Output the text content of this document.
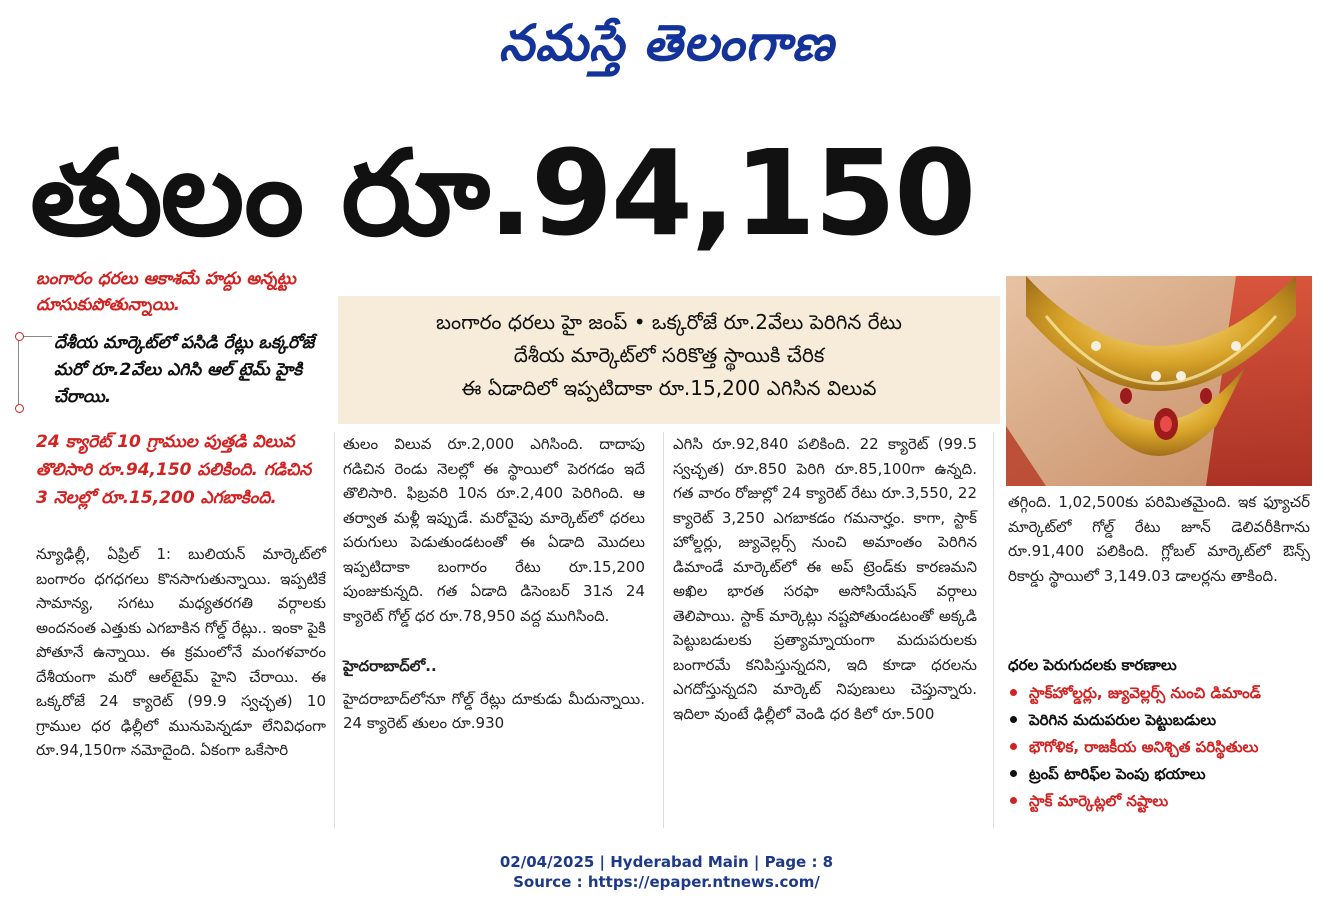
నమస్తే తెలంగాణ
తులం రూ.94,150
బంగారం ధరలు ఆకాశమే హద్దు అన్నట్టు దూసుకుపోతున్నాయి.
దేశీయ మార్కెట్‌లో పసిడి రేట్లు ఒక్కరోజే మరో రూ.2వేలు ఎగిసి ఆల్ టైమ్ హైకి చేరాయి.
24 క్యారెట్ 10 గ్రాముల పుత్తడి విలువ తొలిసారి రూ.94,150 పలికింది. గడిచిన 3 నెలల్లో రూ.15,200 ఎగబాకింది.
బంగారం ధరలు హై జంప్ • ఒక్కరోజే రూ.2వేలు పెరిగిన రేటు
దేశీయ మార్కెట్‌లో సరికొత్త స్థాయికి చేరిక
ఈ ఏడాదిలో ఇప్పటిదాకా రూ.15,200 ఎగిసిన విలువ
న్యూఢిల్లీ, ఏప్రిల్ 1: బులియన్ మార్కెట్‌లో బంగారం ధగధగలు కొనసాగుతున్నాయి. ఇప్పటికే సామాన్య, సగటు మధ్యతరగతి వర్గాలకు అందనంత ఎత్తుకు ఎగబాకిన గోల్డ్ రేట్లు.. ఇంకా పైకి పోతూనే ఉన్నాయి. ఈ క్రమంలోనే మంగళవారం దేశీయంగా మరో ఆల్‌టైమ్ హైని చేరాయి. ఈ ఒక్కరోజే 24 క్యారెట్ (99.9 స్వచ్ఛత) 10 గ్రాముల ధర ఢిల్లీలో మునుపెన్నడూ లేనివిధంగా రూ.94,150గా నమోదైంది. ఏకంగా ఒకేసారి

తులం విలువ రూ.2,000 ఎగిసింది. దాదాపు గడిచిన రెండు నెలల్లో ఈ స్థాయిలో పెరగడం ఇదే తొలిసారి. ఫిబ్రవరి 10న రూ.2,400 పెరిగింది. ఆ తర్వాత మళ్లీ ఇప్పుడే. మరోవైపు మార్కెట్‌లో ధరలు పరుగులు పెడుతుండటంతో ఈ ఏడాది మొదలు ఇప్పటిదాకా బంగారం రేటు రూ.15,200 పుంజుకున్నది. గత ఏడాది డిసెంబర్ 31న 24 క్యారెట్ గోల్డ్ ధర రూ.78,950 వద్ద ముగిసింది.

హైదరాబాద్‌లో..

హైదరాబాద్‌లోనూ గోల్డ్ రేట్లు దూకుడు మీదున్నాయి. 24 క్యారెట్ తులం రూ.930

ఎగిసి రూ.92,840 పలికింది. 22 క్యారెట్ (99.5 స్వచ్ఛత) రూ.850 పెరిగి రూ.85,100గా ఉన్నది. గత వారం రోజుల్లో 24 క్యారెట్ రేటు రూ.3,550, 22 క్యారెట్ 3,250 ఎగబాకడం గమనార్హం. కాగా, స్టాక్ హోల్డర్లు, జ్యువెల్లర్స్ నుంచి అమాంతం పెరిగిన డిమాండే మార్కెట్‌లో ఈ అప్ ట్రెండ్‌కు కారణమని అఖిల భారత సరఫా అసోసియేషన్ వర్గాలు తెలిపాయి. స్టాక్ మార్కెట్లు నష్టపోతుండటంతో అక్కడి పెట్టుబడులకు ప్రత్యామ్నాయంగా మదుపరులకు బంగారమే కనిపిస్తున్నదని, ఇది కూడా ధరలను ఎగదోస్తున్నదని మార్కెట్ నిపుణులు చెప్తున్నారు. ఇదిలా వుంటే ఢిల్లీలో వెండి ధర కిలో రూ.500
తగ్గింది. 1,02,500కు పరిమితమైంది. ఇక ఫ్యూచర్ మార్కెట్‌లో గోల్డ్ రేటు జూన్ డెలివరీకిగాను రూ.91,400 పలికింది. గ్లోబల్ మార్కెట్‌లో ఔన్స్ రికార్డు స్థాయిలో 3,149.03 డాలర్లను తాకింది.
ధరల పెరుగుదలకు కారణాలు
స్టాక్‌హోల్డర్లు, జ్యువెల్లర్స్ నుంచి డిమాండ్
పెరిగిన మదుపరుల పెట్టుబడులు
భౌగోళిక, రాజకీయ అనిశ్చిత పరిస్థితులు
ట్రంప్ టారిఫ్‌ల పెంపు భయాలు
స్టాక్ మార్కెట్లలో నష్టాలు
02/04/2025 | Hyderabad Main | Page : 8
Source : https://epaper.ntnews.com/
